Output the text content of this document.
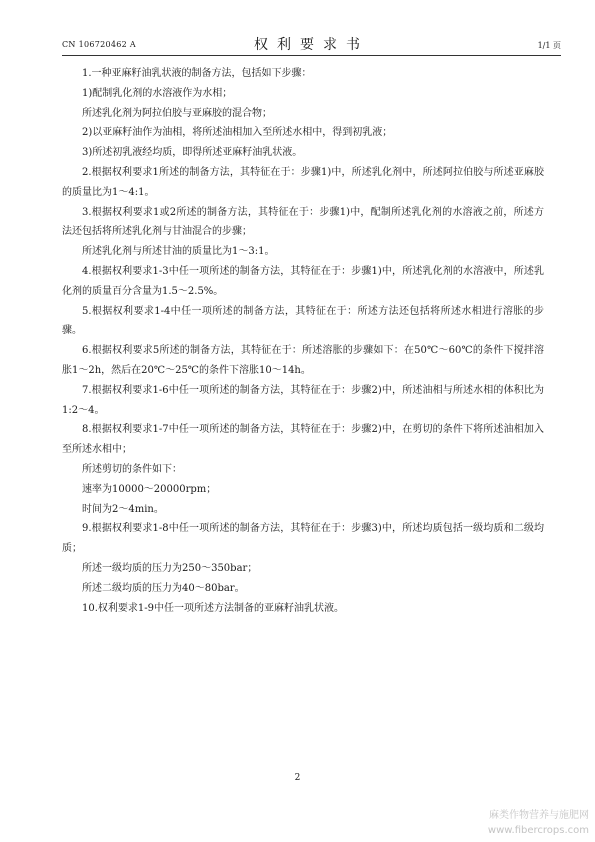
CN 106720462 A	权利要求书	1/1 页

1.一种亚麻籽油乳状液的制备方法，包括如下步骤：

1)配制乳化剂的水溶液作为水相；

所述乳化剂为阿拉伯胶与亚麻胶的混合物；

2)以亚麻籽油作为油相，将所述油相加入至所述水相中，得到初乳液；

3)所述初乳液经均质，即得所述亚麻籽油乳状液。

2.根据权利要求1所述的制备方法，其特征在于：步骤1)中，所述乳化剂中，所述阿拉伯胶与所述亚麻胶的质量比为1～4:1。

3.根据权利要求1或2所述的制备方法，其特征在于：步骤1)中，配制所述乳化剂的水溶液之前，所述方法还包括将所述乳化剂与甘油混合的步骤；

所述乳化剂与所述甘油的质量比为1～3:1。

4.根据权利要求1-3中任一项所述的制备方法，其特征在于：步骤1)中，所述乳化剂的水溶液中，所述乳化剂的质量百分含量为1.5～2.5%。

5.根据权利要求1-4中任一项所述的制备方法，其特征在于：所述方法还包括将所述水相进行溶胀的步骤。

6.根据权利要求5所述的制备方法，其特征在于：所述溶胀的步骤如下：在50℃～60℃的条件下搅拌溶胀1～2h，然后在20℃～25℃的条件下溶胀10～14h。

7.根据权利要求1-6中任一项所述的制备方法，其特征在于：步骤2)中，所述油相与所述水相的体积比为1:2～4。

8.根据权利要求1-7中任一项所述的制备方法，其特征在于：步骤2)中，在剪切的条件下将所述油相加入至所述水相中；

所述剪切的条件如下：

速率为10000～20000rpm；

时间为2～4min。

9.根据权利要求1-8中任一项所述的制备方法，其特征在于：步骤3)中，所述均质包括一级均质和二级均质；

所述一级均质的压力为250～350bar；

所述二级均质的压力为40～80bar。

10.权利要求1-9中任一项所述方法制备的亚麻籽油乳状液。

2
麻类作物营养与施肥网
www.fibercrops.com
